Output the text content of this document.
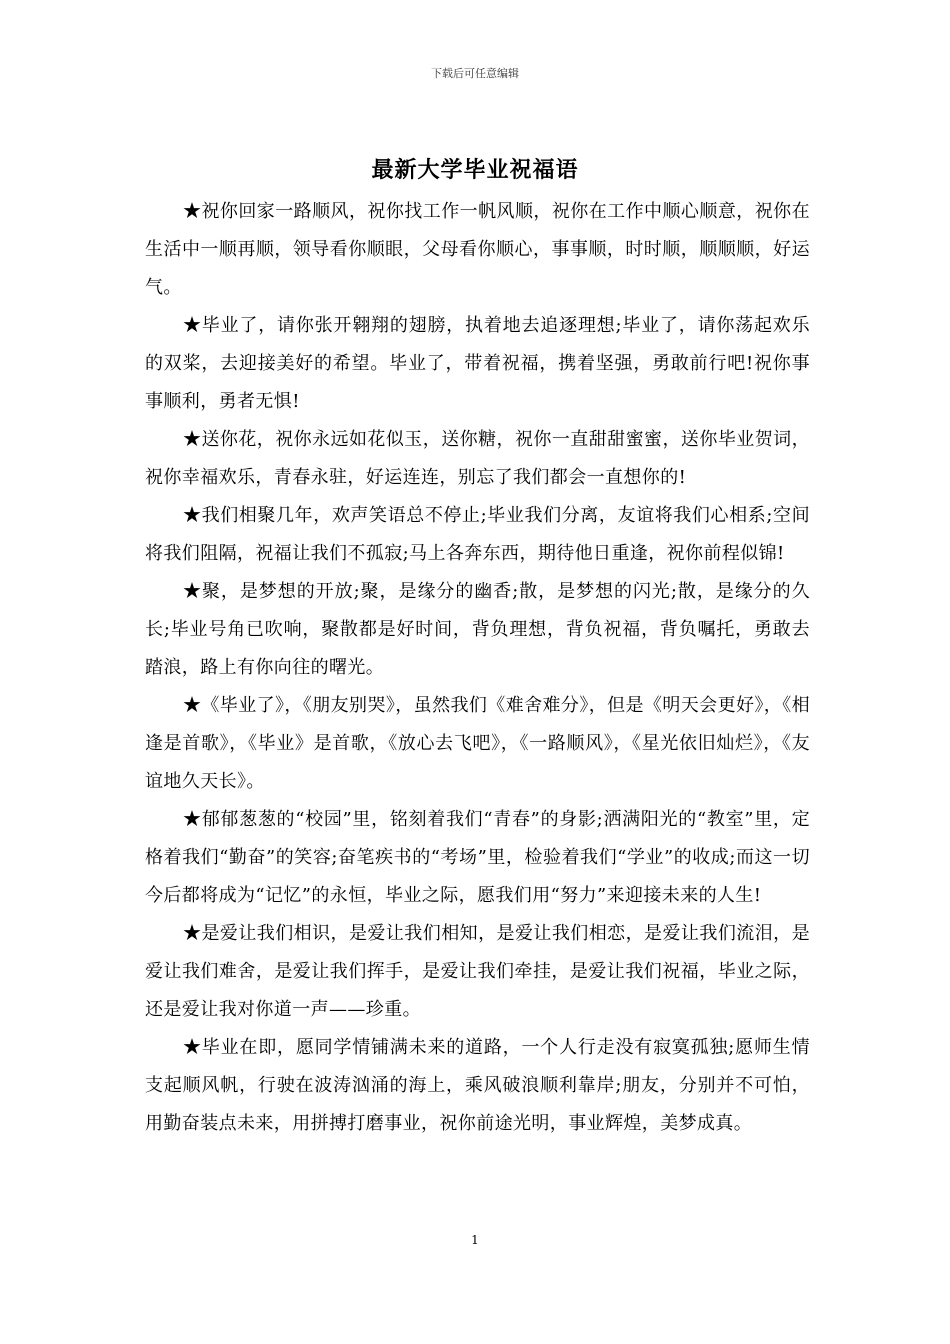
下载后可任意编辑
最新大学毕业祝福语

★祝你回家一路顺风，祝你找工作一帆风顺，祝你在工作中顺心顺意，祝你在生活中一顺再顺，领导看你顺眼，父母看你顺心，事事顺，时时顺，顺顺顺，好运气。

★毕业了，请你张开翱翔的翅膀，执着地去追逐理想;毕业了，请你荡起欢乐的双桨，去迎接美好的希望。毕业了，带着祝福，携着坚强，勇敢前行吧!祝你事事顺利，勇者无惧!

★送你花，祝你永远如花似玉，送你糖，祝你一直甜甜蜜蜜，送你毕业贺词，祝你幸福欢乐，青春永驻，好运连连，别忘了我们都会一直想你的!

★我们相聚几年，欢声笑语总不停止;毕业我们分离，友谊将我们心相系;空间将我们阻隔，祝福让我们不孤寂;马上各奔东西，期待他日重逢，祝你前程似锦!

★聚，是梦想的开放;聚，是缘分的幽香;散，是梦想的闪光;散，是缘分的久长;毕业号角已吹响，聚散都是好时间，背负理想，背负祝福，背负嘱托，勇敢去踏浪，路上有你向往的曙光。

★《毕业了》，《朋友别哭》，虽然我们《难舍难分》，但是《明天会更好》，《相逢是首歌》，《毕业》是首歌，《放心去飞吧》，《一路顺风》，《星光依旧灿烂》，《友谊地久天长》。

★郁郁葱葱的“校园”里，铭刻着我们“青春”的身影;洒满阳光的“教室”里，定格着我们“勤奋”的笑容;奋笔疾书的“考场”里，检验着我们“学业”的收成;而这一切今后都将成为“记忆”的永恒，毕业之际，愿我们用“努力”来迎接未来的人生!

★是爱让我们相识，是爱让我们相知，是爱让我们相恋，是爱让我们流泪，是爱让我们难舍，是爱让我们挥手，是爱让我们牵挂，是爱让我们祝福，毕业之际，还是爱让我对你道一声——珍重。

★毕业在即，愿同学情铺满未来的道路，一个人行走没有寂寞孤独;愿师生情支起顺风帆，行驶在波涛汹涌的海上，乘风破浪顺利靠岸;朋友，分别并不可怕，用勤奋装点未来，用拼搏打磨事业，祝你前途光明，事业辉煌，美梦成真。

1
